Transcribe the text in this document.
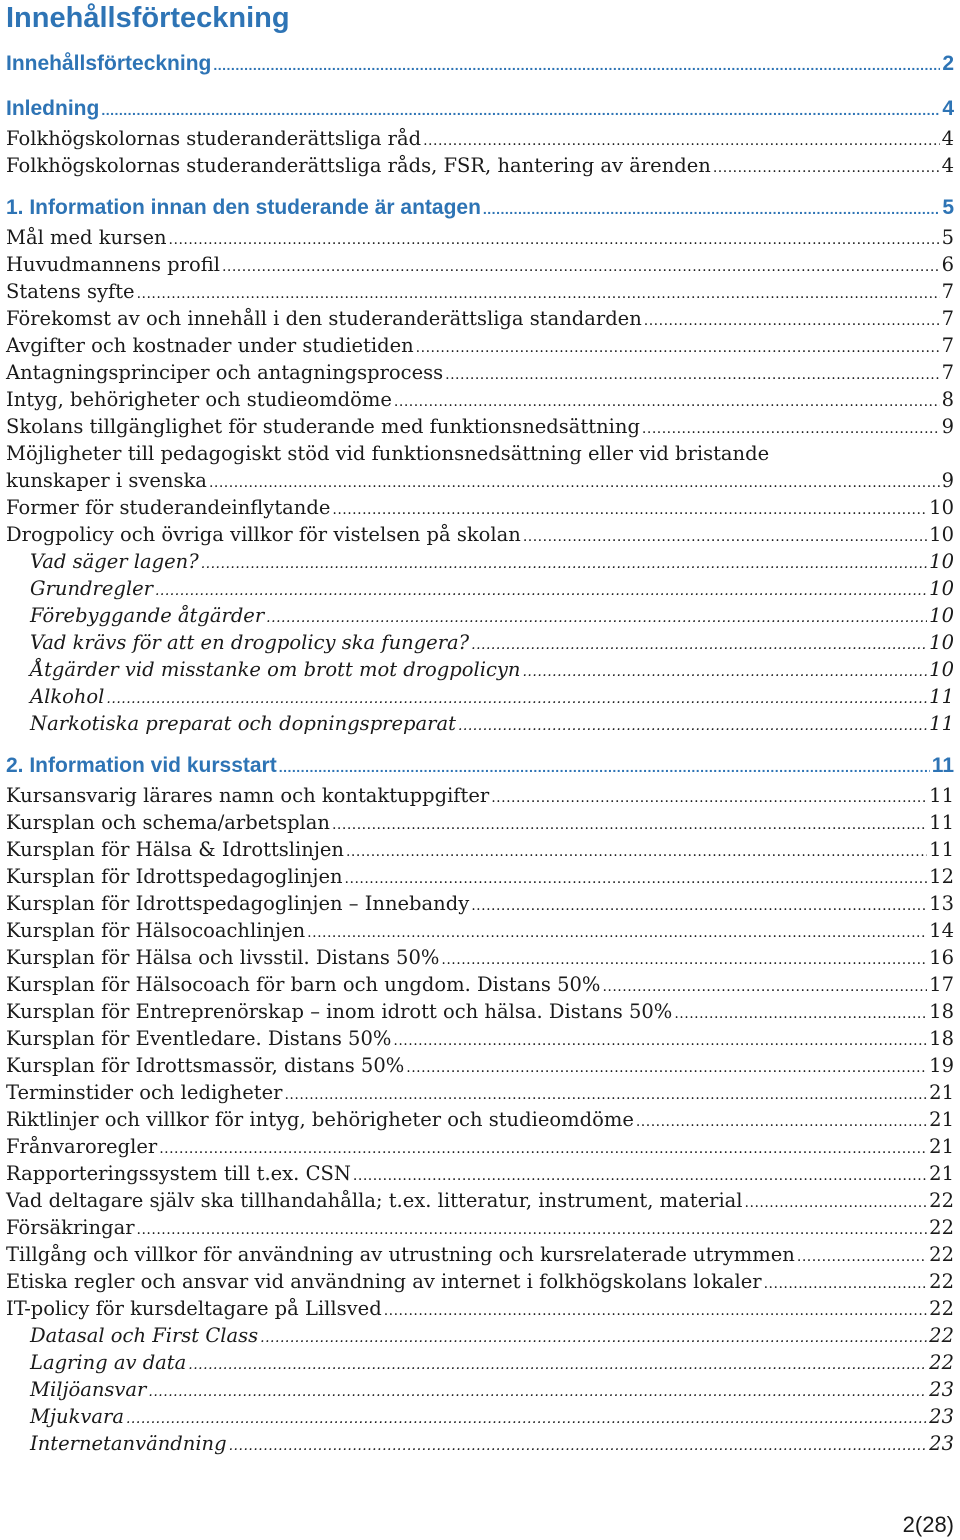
Innehållsförteckning
Innehållsförteckning .....	2
Inledning .....	4
Folkhögskolornas studeranderättsliga råd .....	4
Folkhögskolornas studeranderättsliga råds, FSR, hantering av ärenden .....	4
1. Information innan den studerande är antagen .....	5
Mål med kursen .....	5
Huvudmannens profil .....	6
Statens syfte .....	7
Förekomst av och innehåll i den studeranderättsliga standarden .....	7
Avgifter och kostnader under studietiden .....	7
Antagningsprinciper och antagningsprocess .....	7
Intyg, behörigheter och studieomdöme .....	8
Skolans tillgänglighet för studerande med funktionsnedsättning .....	9
Möjligheter till pedagogiskt stöd vid funktionsnedsättning eller vid bristande
kunskaper i svenska .....	9
Former för studerandeinflytande .....	10
Drogpolicy och övriga villkor för vistelsen på skolan .....	10
Vad säger lagen? .....	10
Grundregler .....	10
Förebyggande åtgärder .....	10
Vad krävs för att en drogpolicy ska fungera? .....	10
Åtgärder vid misstanke om brott mot drogpolicyn .....	10
Alkohol .....	11
Narkotiska preparat och dopningspreparat .....	11
2. Information vid kursstart .....	11
Kursansvarig lärares namn och kontaktuppgifter .....	11
Kursplan och schema/arbetsplan .....	11
Kursplan för Hälsa & Idrottslinjen .....	11
Kursplan för Idrottspedagoglinjen .....	12
Kursplan för Idrottspedagoglinjen – Innebandy .....	13
Kursplan för Hälsocoachlinjen .....	14
Kursplan för Hälsa och livsstil. Distans 50% .....	16
Kursplan för Hälsocoach för barn och ungdom. Distans 50% .....	17
Kursplan för Entreprenörskap – inom idrott och hälsa. Distans 50% .....	18
Kursplan för Eventledare. Distans 50% .....	18
Kursplan för Idrottsmassör, distans 50% .....	19
Terminstider och ledigheter .....	21
Riktlinjer och villkor för intyg, behörigheter och studieomdöme .....	21
Frånvaroregler .....	21
Rapporteringssystem till t.ex. CSN .....	21
Vad deltagare själv ska tillhandahålla; t.ex. litteratur, instrument, material .....	22
Försäkringar .....	22
Tillgång och villkor för användning av utrustning och kursrelaterade utrymmen .....	22
Etiska regler och ansvar vid användning av internet i folkhögskolans lokaler .....	22
IT-policy för kursdeltagare på Lillsved .....	22
Datasal och First Class .....	22
Lagring av data .....	22
Miljöansvar .....	23
Mjukvara .....	23
Internetanvändning .....	23
2(28)
